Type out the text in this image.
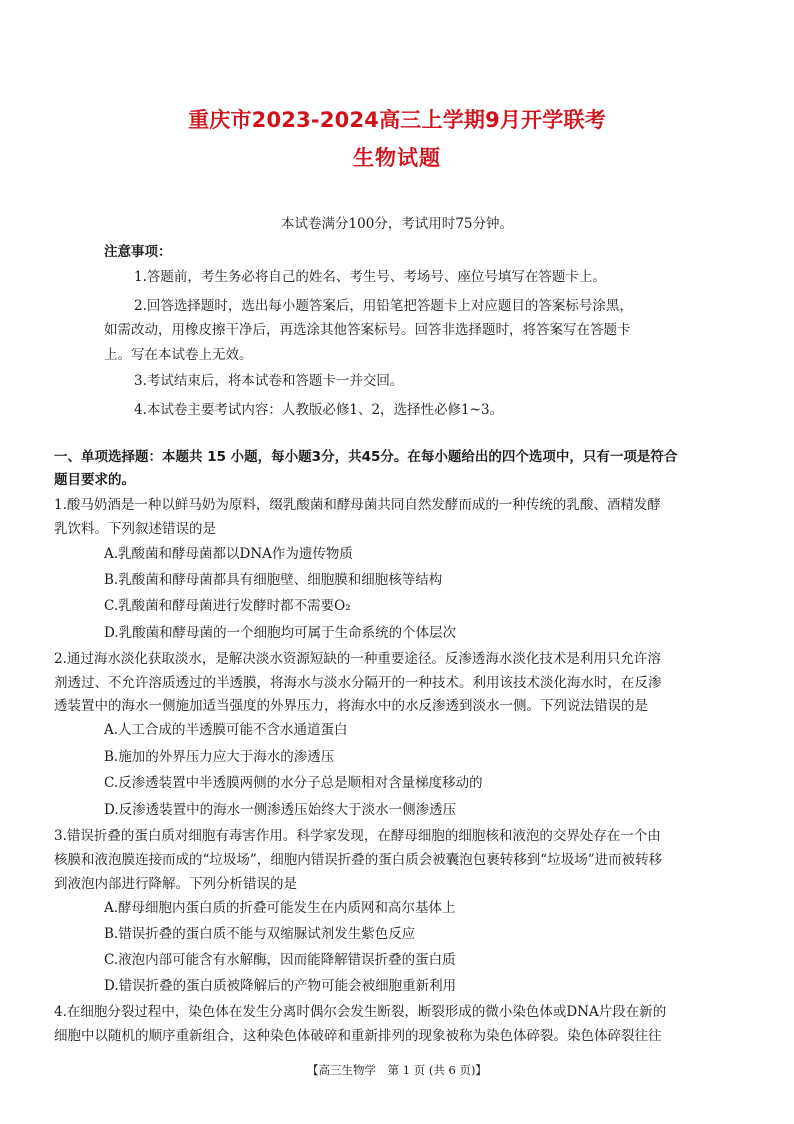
重庆市2023-2024高三上学期9月开学联考
生物试题
本试卷满分100分，考试用时75分钟。
注意事项：
1.答题前，考生务必将自己的姓名、考生号、考场号、座位号填写在答题卡上。
2.回答选择题时，选出每小题答案后，用铅笔把答题卡上对应题目的答案标号涂黑，
如需改动，用橡皮擦干净后，再选涂其他答案标号。回答非选择题时，将答案写在答题卡
上。写在本试卷上无效。
3.考试结束后，将本试卷和答题卡一并交回。
4.本试卷主要考试内容：人教版必修1、2，选择性必修1~3。
一、单项选择题：本题共 15 小题，每小题3分，共45分。在每小题给出的四个选项中，只有一项是符合
题目要求的。
1.酸马奶酒是一种以鲜马奶为原料，缀乳酸菌和酵母菌共同自然发酵而成的一种传统的乳酸、酒精发酵
乳饮料。下列叙述错误的是
A.乳酸菌和酵母菌都以DNA作为遗传物质
B.乳酸菌和酵母菌都具有细胞壁、细胞膜和细胞核等结构
C.乳酸菌和酵母菌进行发酵时都不需要O₂
D.乳酸菌和酵母菌的一个细胞均可属于生命系统的个体层次
2.通过海水淡化获取淡水，是解决淡水资源短缺的一种重要途径。反渗透海水淡化技术是利用只允许溶
剂透过、不允许溶质透过的半透膜，将海水与淡水分隔开的一种技术。利用该技术淡化海水时，在反渗
透装置中的海水一侧施加适当强度的外界压力，将海水中的水反渗透到淡水一侧。下列说法错误的是
A.人工合成的半透膜可能不含水通道蛋白
B.施加的外界压力应大于海水的渗透压
C.反渗透装置中半透膜两侧的水分子总是顺相对含量梯度移动的
D.反渗透装置中的海水一侧渗透压始终大于淡水一侧渗透压
3.错误折叠的蛋白质对细胞有毒害作用。科学家发现，在酵母细胞的细胞核和液泡的交界处存在一个由
核膜和液泡膜连接而成的“垃圾场”，细胞内错误折叠的蛋白质会被囊泡包裹转移到“垃圾场”进而被转移
到液泡内部进行降解。下列分析错误的是
A.酵母细胞内蛋白质的折叠可能发生在内质网和高尔基体上
B.错误折叠的蛋白质不能与双缩脲试剂发生紫色反应
C.液泡内部可能含有水解酶，因而能降解错误折叠的蛋白质
D.错误折叠的蛋白质被降解后的产物可能会被细胞重新利用
4.在细胞分裂过程中，染色体在发生分离时偶尔会发生断裂，断裂形成的微小染色体或DNA片段在新的
细胞中以随机的顺序重新组合，这种染色体破碎和重新排列的现象被称为染色体碎裂。染色体碎裂往往
【高三生物学　第 1 页 (共 6 页)】
